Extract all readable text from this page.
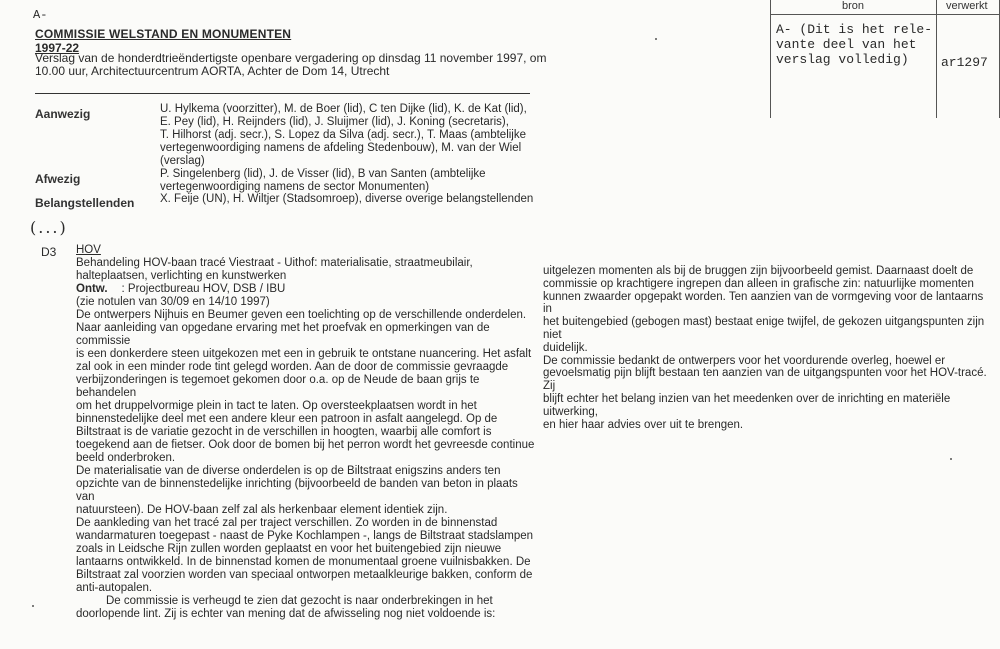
bron	verwerkt
A- (Dit is het rele-
vante deel van het
verslag volledig)	ar1297
A-
COMMISSIE WELSTAND EN MONUMENTEN
1997-22
Verslag van de honderdtrieëndertigste openbare vergadering op dinsdag 11 november 1997, om
10.00 uur, Architectuurcentrum AORTA, Achter de Dom 14, Utrecht
Aanwezig	U. Hylkema (voorzitter), M. de Boer (lid), C ten Dijke (lid), K. de Kat (lid),
E. Pey (lid), H. Reijnders (lid), J. Sluijmer (lid), J. Koning (secretaris),
T. Hilhorst (adj. secr.), S. Lopez da Silva (adj. secr.), T. Maas (ambtelijke
vertegenwoordiging namens de afdeling Stedenbouw), M. van der Wiel
(verslag)
Afwezig	P. Singelenberg (lid), J. de Visser (lid), B van Santen (ambtelijke
vertegenwoordiging namens de sector Monumenten)
Belangstellenden X. Feije (UN), H. Wiltjer (Stadsomroep), diverse overige belangstellenden
(...)
D3 HOV

Behandeling HOV-baan tracé Viestraat - Uithof: materialisatie, straatmeubilair,

halteplaatsen, verlichting en kunstwerken

Ontw. : Projectbureau HOV, DSB / IBU

(zie notulen van 30/09 en 14/10 1997)

De ontwerpers Nijhuis en Beumer geven een toelichting op de verschillende onderdelen.

Naar aanleiding van opgedane ervaring met het proefvak en opmerkingen van de commissie

is een donkerdere steen uitgekozen met een in gebruik te ontstane nuancering. Het asfalt

zal ook in een minder rode tint gelegd worden. Aan de door de commissie gevraagde

verbijzonderingen is tegemoet gekomen door o.a. op de Neude de baan grijs te behandelen

om het druppelvormige plein in tact te laten. Op oversteekplaatsen wordt in het

binnenstedelijke deel met een andere kleur een patroon in asfalt aangelegd. Op de

Biltstraat is de variatie gezocht in de verschillen in hoogten, waarbij alle comfort is

toegekend aan de fietser. Ook door de bomen bij het perron wordt het gevreesde continue

beeld onderbroken.

De materialisatie van de diverse onderdelen is op de Biltstraat enigszins anders ten

opzichte van de binnenstedelijke inrichting (bijvoorbeeld de banden van beton in plaats van

natuursteen). De HOV-baan zelf zal als herkenbaar element identiek zijn.

De aankleding van het tracé zal per traject verschillen. Zo worden in de binnenstad

wandarmaturen toegepast - naast de Pyke Kochlampen -, langs de Biltstraat stadslampen

zoals in Leidsche Rijn zullen worden geplaatst en voor het buitengebied zijn nieuwe

lantaarns ontwikkeld. In de binnenstad komen de monumentaal groene vuilnisbakken. De

Biltstraat zal voorzien worden van speciaal ontworpen metaalkleurige bakken, conform de

anti-autopalen.

De commissie is verheugd te zien dat gezocht is naar onderbrekingen in het

doorlopende lint. Zij is echter van mening dat de afwisseling nog niet voldoende is:

uitgelezen momenten als bij de bruggen zijn bijvoorbeeld gemist. Daarnaast doelt de

commissie op krachtigere ingrepen dan alleen in grafische zin: natuurlijke momenten

kunnen zwaarder opgepakt worden. Ten aanzien van de vormgeving voor de lantaarns in

het buitengebied (gebogen mast) bestaat enige twijfel, de gekozen uitgangspunten zijn niet

duidelijk.

De commissie bedankt de ontwerpers voor het voordurende overleg, hoewel er

gevoelsmatig pijn blijft bestaan ten aanzien van de uitgangspunten voor het HOV-tracé. Zij

blijft echter het belang inzien van het meedenken over de inrichting en materiële uitwerking,

en hier haar advies over uit te brengen.
